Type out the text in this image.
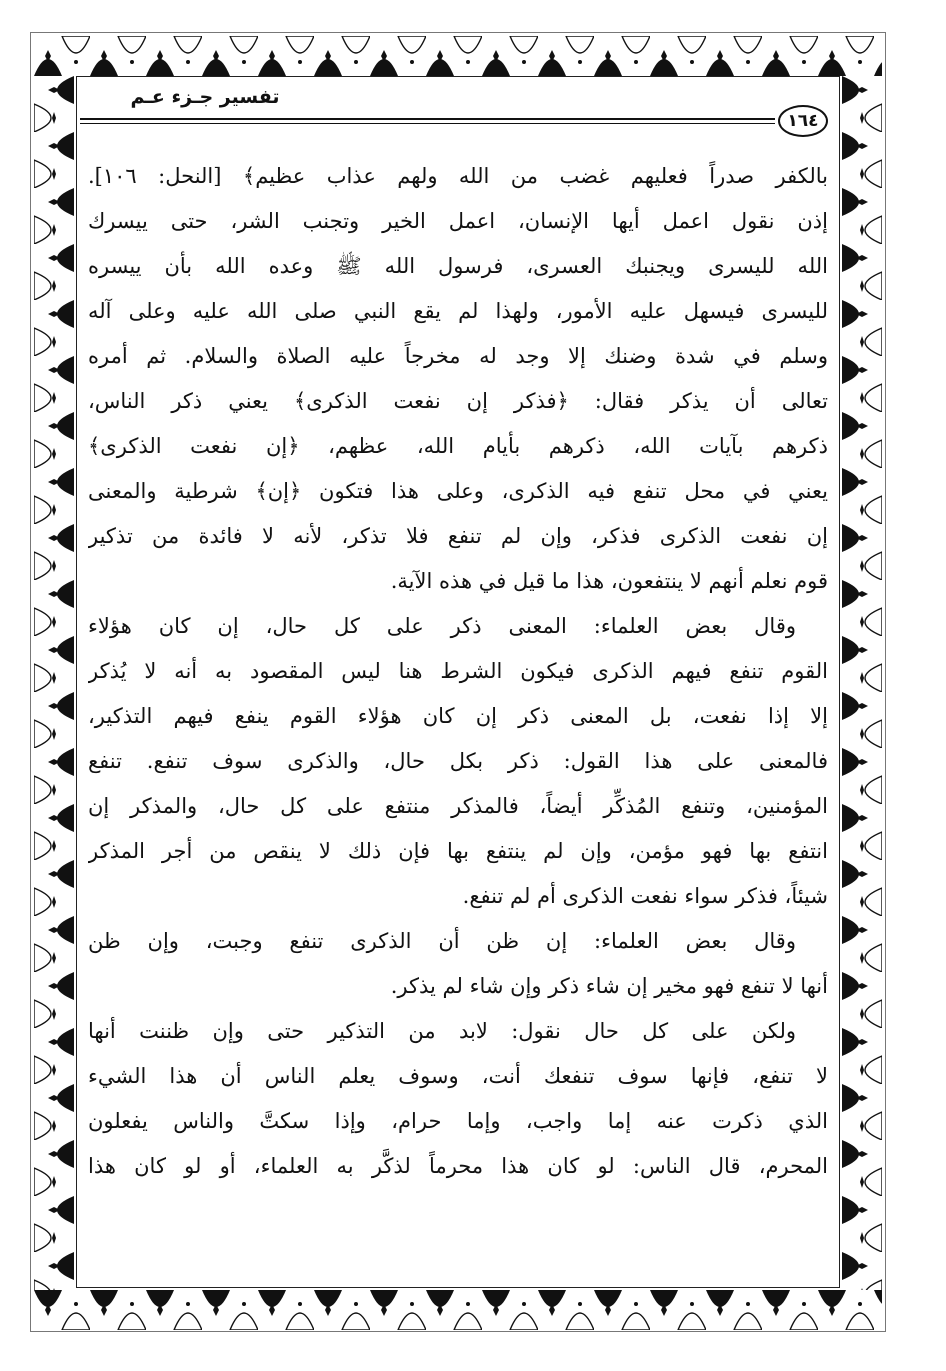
تفسير جـزء عـم
١٦٤
بالكفر صدراً فعليهم غضب من الله ولهم عذاب عظيم﴾ [النحل: ١٠٦].
إذن نقول اعمل أيها الإنسان، اعمل الخير وتجنب الشر، حتى ييسرك
الله لليسرى ويجنبك العسرى، فرسول الله ﷺ وعده الله بأن ييسره
لليسرى فيسهل عليه الأمور، ولهذا لم يقع النبي صلى الله عليه وعلى آله
وسلم في شدة وضنك إلا وجد له مخرجاً عليه الصلاة والسلام. ثم أمره
تعالى أن يذكر فقال: ﴿فذكر إن نفعت الذكرى﴾ يعني ذكر الناس،
ذكرهم بآيات الله، ذكرهم بأيام الله، عظهم، ﴿إن نفعت الذكرى﴾
يعني في محل تنفع فيه الذكرى، وعلى هذا فتكون ﴿إن﴾ شرطية والمعنى
إن نفعت الذكرى فذكر، وإن لم تنفع فلا تذكر، لأنه لا فائدة من تذكير
قوم نعلم أنهم لا ينتفعون، هذا ما قيل في هذه الآية.
وقال بعض العلماء: المعنى ذكر على كل حال، إن كان هؤلاء
القوم تنفع فيهم الذكرى فيكون الشرط هنا ليس المقصود به أنه لا يُذكر
إلا إذا نفعت، بل المعنى ذكر إن كان هؤلاء القوم ينفع فيهم التذكير،
فالمعنى على هذا القول: ذكر بكل حال، والذكرى سوف تنفع. تنفع
المؤمنين، وتنفع المُذكِّر أيضاً، فالمذكر منتفع على كل حال، والمذكر إن
انتفع بها فهو مؤمن، وإن لم ينتفع بها فإن ذلك لا ينقص من أجر المذكر
شيئاً، فذكر سواء نفعت الذكرى أم لم تنفع.
وقال بعض العلماء: إن ظن أن الذكرى تنفع وجبت، وإن ظن
أنها لا تنفع فهو مخير إن شاء ذكر وإن شاء لم يذكر.
ولكن على كل حال نقول: لابد من التذكير حتى وإن ظننت أنها
لا تنفع، فإنها سوف تنفعك أنت، وسوف يعلم الناس أن هذا الشيء
الذي ذكرت عنه إما واجب، وإما حرام، وإذا سكتَّ والناس يفعلون
المحرم، قال الناس: لو كان هذا محرماً لذكَّر به العلماء، أو لو كان هذا
